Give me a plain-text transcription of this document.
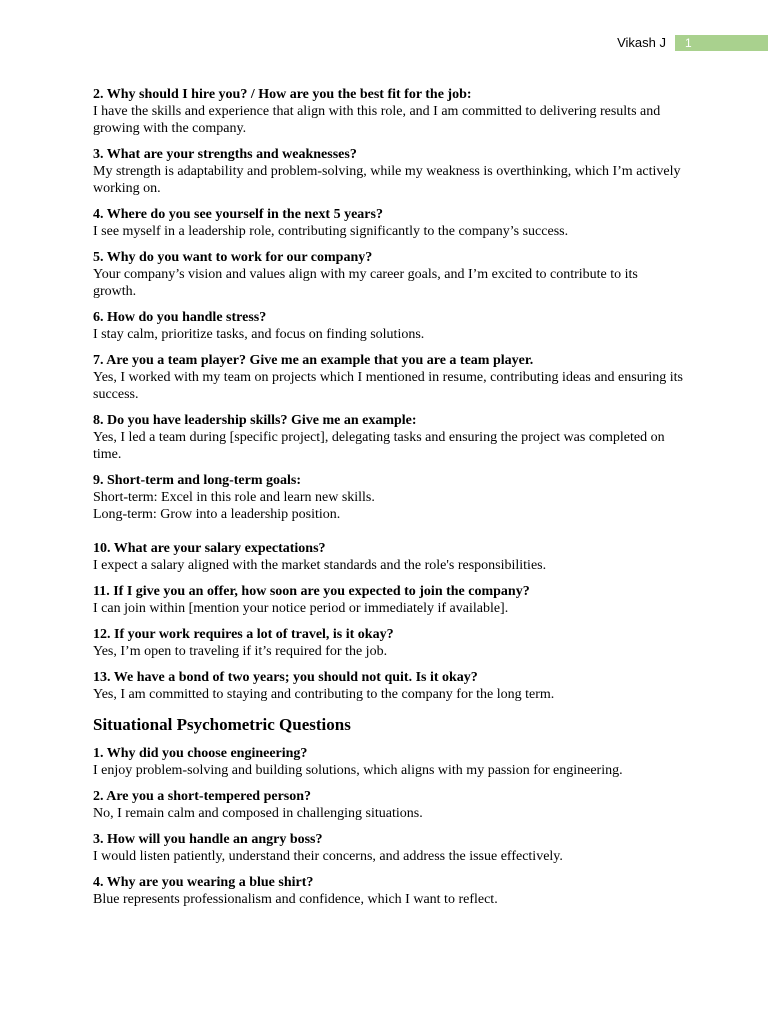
Vikash J	1
2. Why should I hire you? / How are you the best fit for the job:
I have the skills and experience that align with this role, and I am committed to delivering results and growing with the company.
3. What are your strengths and weaknesses?
My strength is adaptability and problem-solving, while my weakness is overthinking, which I’m actively working on.
4. Where do you see yourself in the next 5 years?
I see myself in a leadership role, contributing significantly to the company’s success.
5. Why do you want to work for our company?
Your company’s vision and values align with my career goals, and I’m excited to contribute to its growth.
6. How do you handle stress?
I stay calm, prioritize tasks, and focus on finding solutions.
7. Are you a team player? Give me an example that you are a team player.
Yes, I worked with my team on projects which I mentioned in resume, contributing ideas and ensuring its success.
8. Do you have leadership skills? Give me an example:
Yes, I led a team during [specific project], delegating tasks and ensuring the project was completed on time.
9. Short-term and long-term goals:
Short-term: Excel in this role and learn new skills.
Long-term: Grow into a leadership position.
10. What are your salary expectations?
I expect a salary aligned with the market standards and the role's responsibilities.
11. If I give you an offer, how soon are you expected to join the company?
I can join within [mention your notice period or immediately if available].
12. If your work requires a lot of travel, is it okay?
Yes, I’m open to traveling if it’s required for the job.
13. We have a bond of two years; you should not quit. Is it okay?
Yes, I am committed to staying and contributing to the company for the long term.
Situational Psychometric Questions
1. Why did you choose engineering?
I enjoy problem-solving and building solutions, which aligns with my passion for engineering.
2. Are you a short-tempered person?
No, I remain calm and composed in challenging situations.
3. How will you handle an angry boss?
I would listen patiently, understand their concerns, and address the issue effectively.
4. Why are you wearing a blue shirt?
Blue represents professionalism and confidence, which I want to reflect.
